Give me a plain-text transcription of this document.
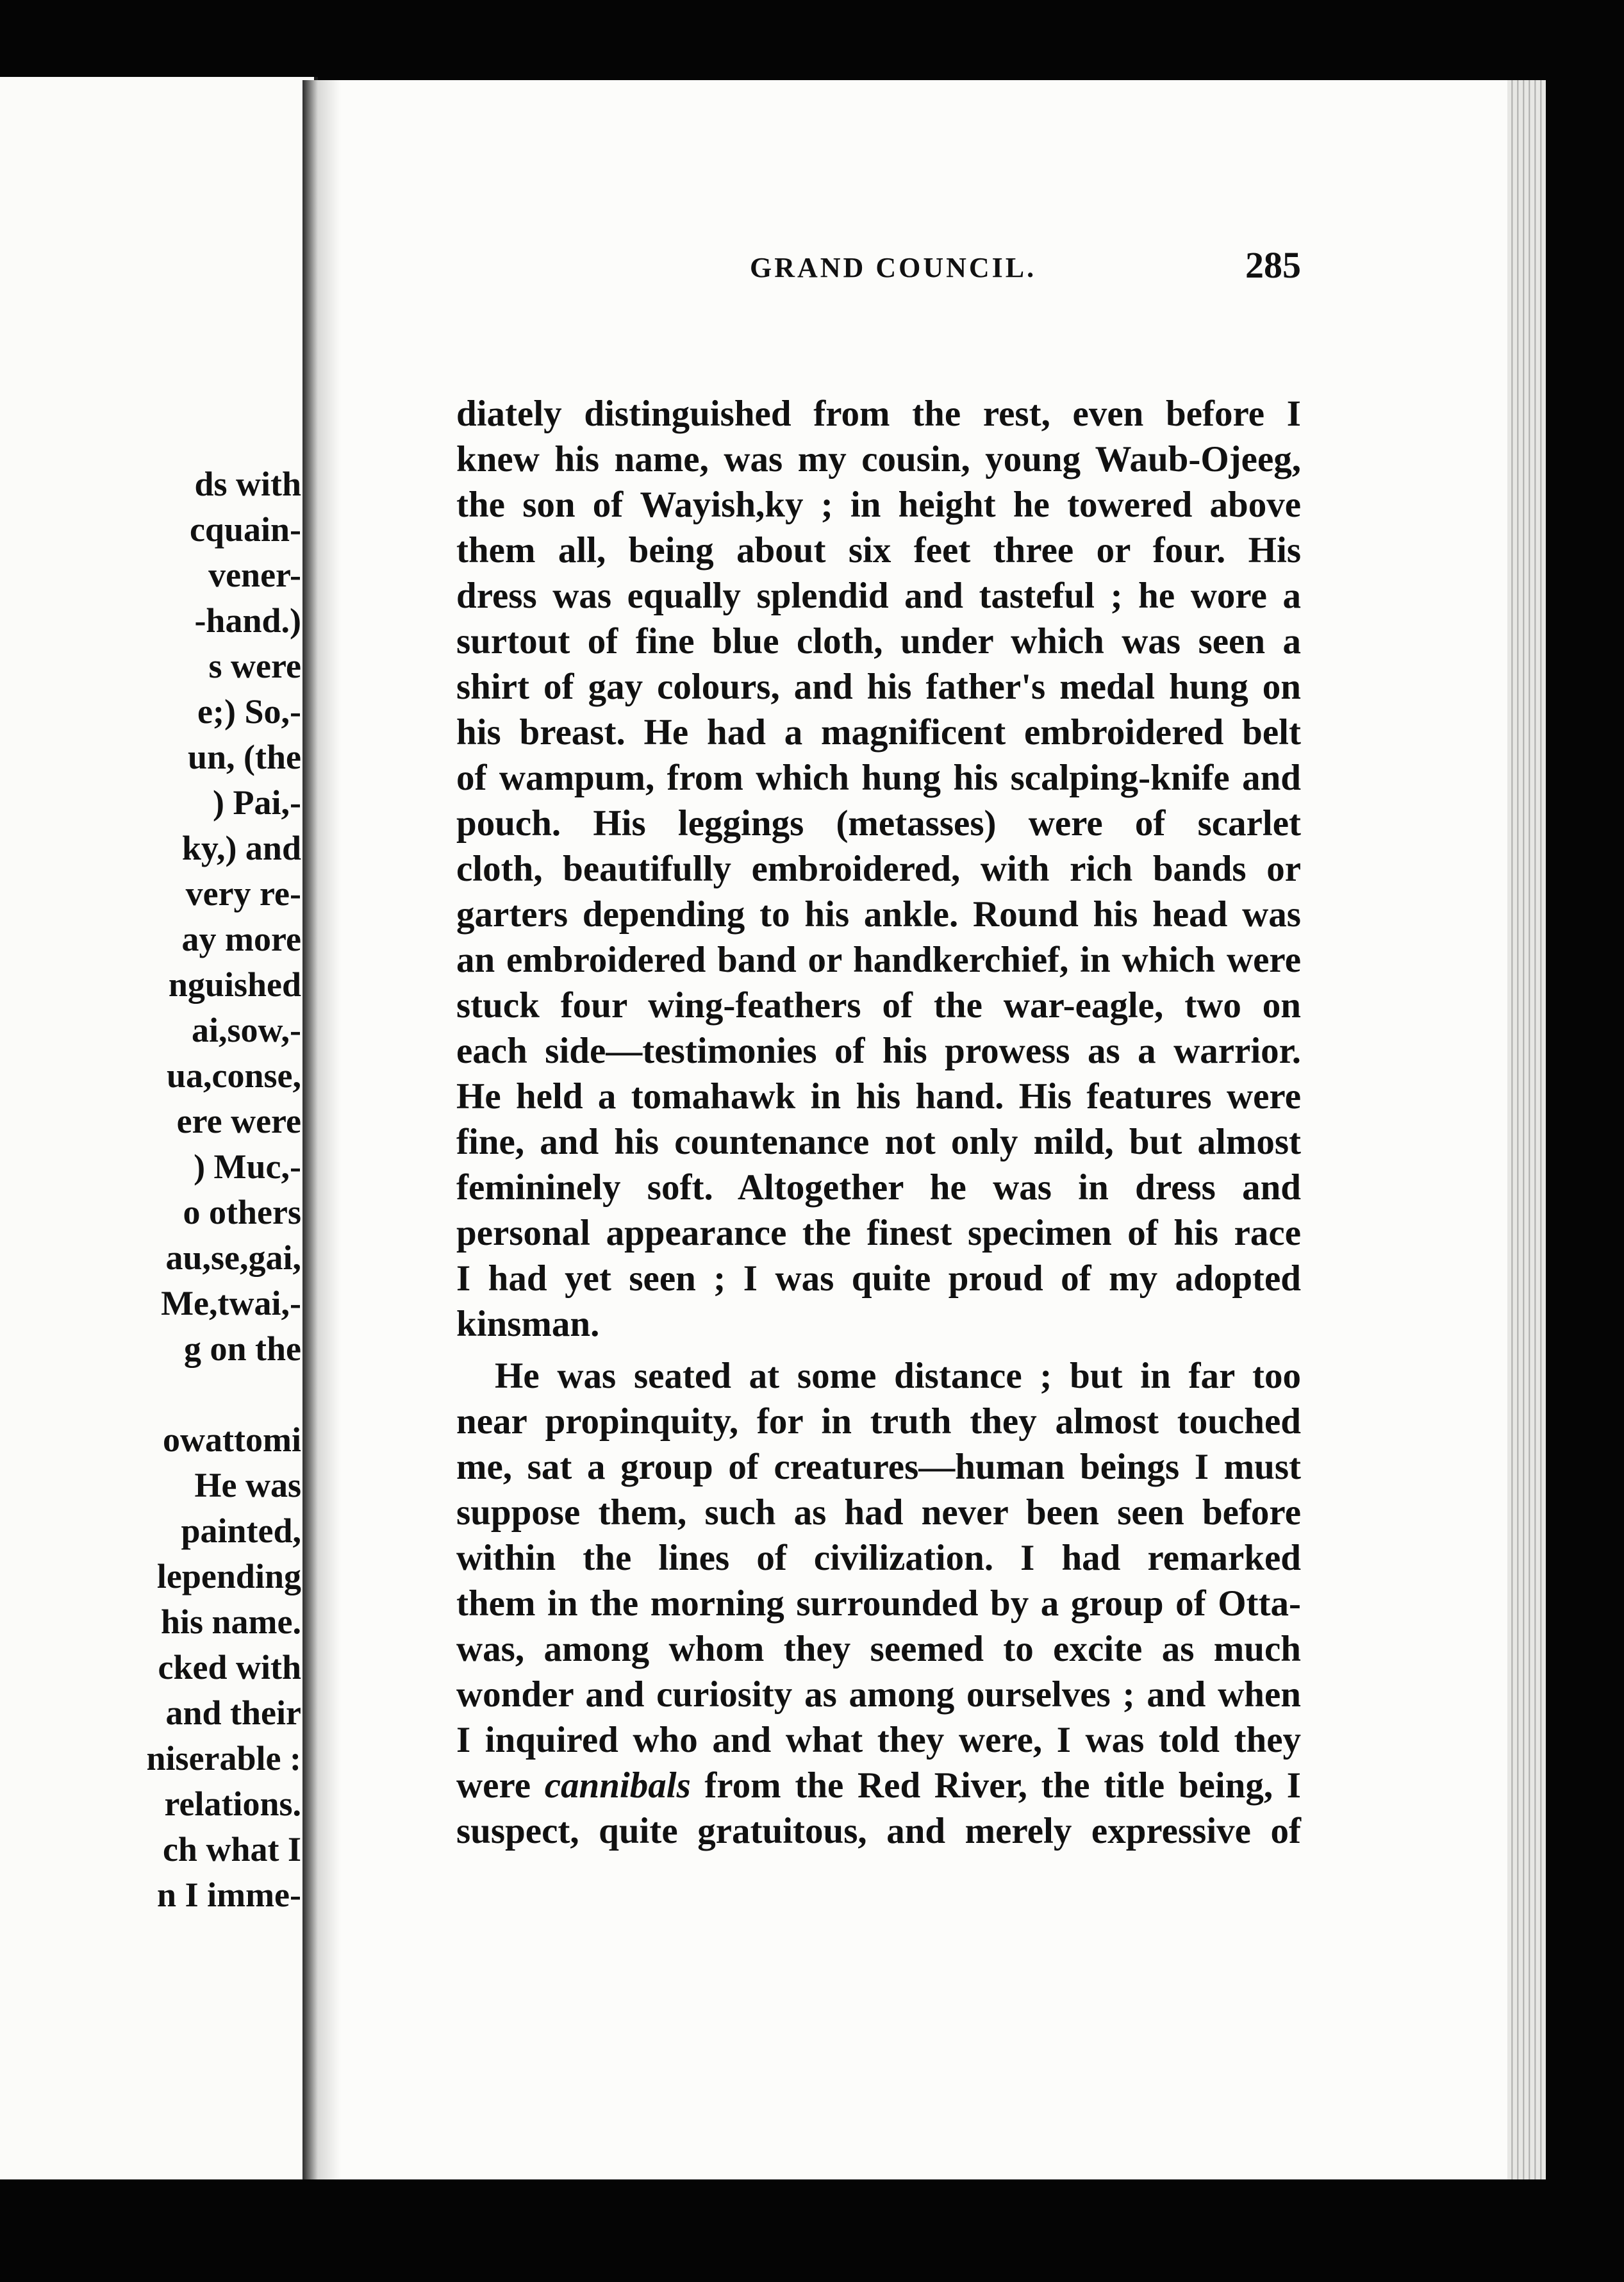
ds with
cquain-
vener-
-hand.)
s were
e;) So,-
un, (the
) Pai,-
ky,) and
very re-
ay more
nguished
ai,sow,-
ua,conse,
ere were
) Muc,-
o others
au,se,gai,
Me,twai,-
g on the

owattomi
He was
painted,
lepending
his name.
cked with
and their
niserable :
relations.
ch what I
n I imme-
GRAND COUNCIL.	285
diately distinguished from the rest, even before I
knew his name, was my cousin, young Waub-Ojeeg,
the son of Wayish,ky ; in height he towered above
them all, being about six feet three or four. His
dress was equally splendid and tasteful ; he wore a
surtout of fine blue cloth, under which was seen a
shirt of gay colours, and his father's medal hung on
his breast. He had a magnificent embroidered belt
of wampum, from which hung his scalping-knife and
pouch. His leggings (metasses) were of scarlet
cloth, beautifully embroidered, with rich bands or
garters depending to his ankle. Round his head was
an embroidered band or handkerchief, in which were
stuck four wing-feathers of the war-eagle, two on
each side—testimonies of his prowess as a warrior.
He held a tomahawk in his hand. His features were
fine, and his countenance not only mild, but almost
femininely soft. Altogether he was in dress and
personal appearance the finest specimen of his race
I had yet seen ; I was quite proud of my adopted
kinsman.
He was seated at some distance ; but in far too
near propinquity, for in truth they almost touched
me, sat a group of creatures—human beings I must
suppose them, such as had never been seen before
within the lines of civilization. I had remarked
them in the morning surrounded by a group of Otta-
was, among whom they seemed to excite as much
wonder and curiosity as among ourselves ; and when
I inquired who and what they were, I was told they
were cannibals from the Red River, the title being, I
suspect, quite gratuitous, and merely expressive of
